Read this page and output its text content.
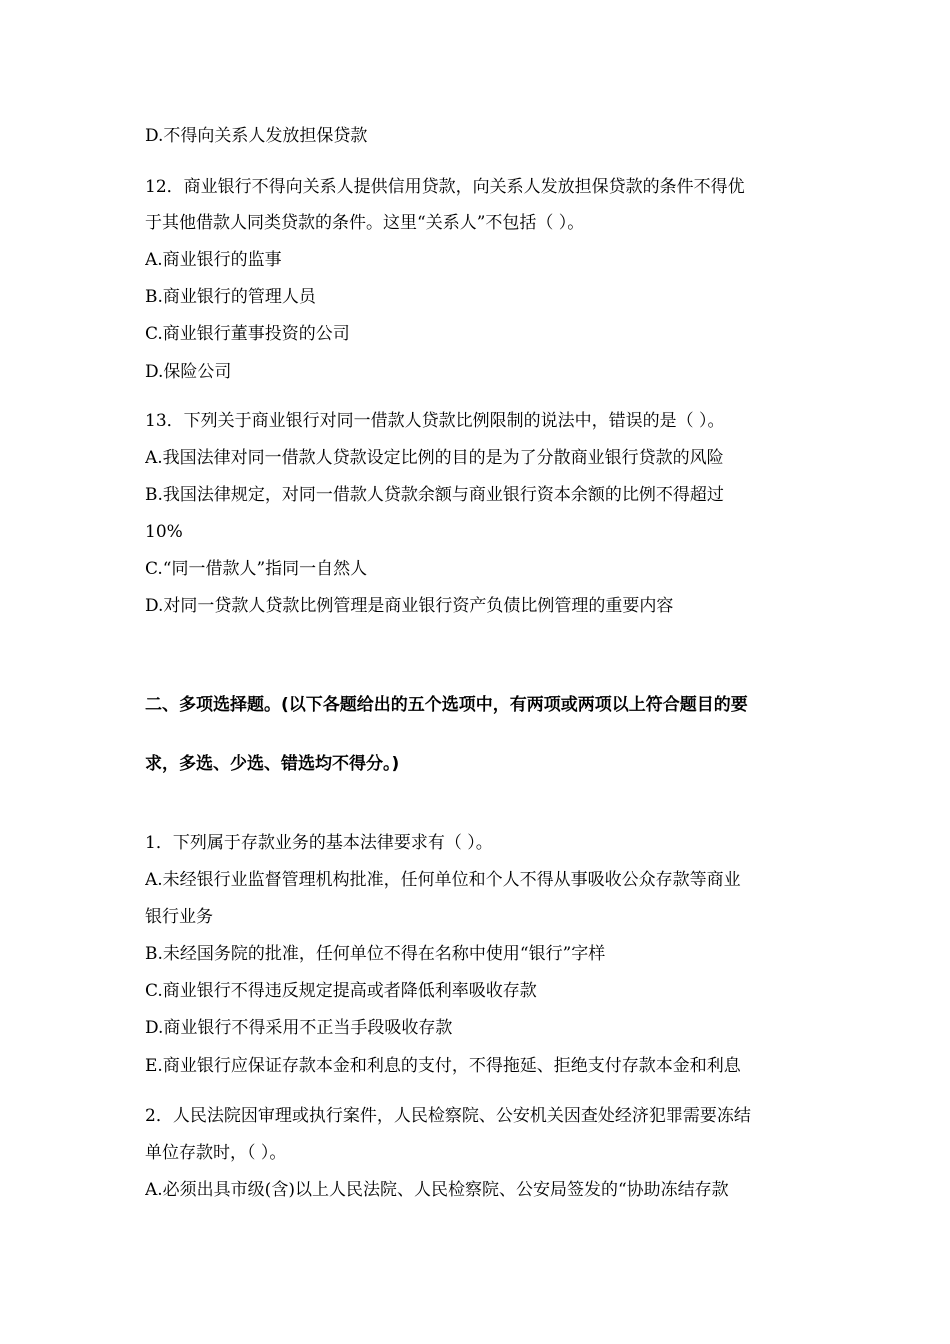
D.不得向关系人发放担保贷款
12．商业银行不得向关系人提供信用贷款，向关系人发放担保贷款的条件不得优
于其他借款人同类贷款的条件。这里“关系人”不包括（ ）。
A.商业银行的监事
B.商业银行的管理人员
C.商业银行董事投资的公司
D.保险公司
13．下列关于商业银行对同一借款人贷款比例限制的说法中，错误的是（ ）。
A.我国法律对同一借款人贷款设定比例的目的是为了分散商业银行贷款的风险
B.我国法律规定，对同一借款人贷款余额与商业银行资本余额的比例不得超过
10%
C.“同一借款人”指同一自然人
D.对同一贷款人贷款比例管理是商业银行资产负债比例管理的重要内容
二、多项选择题。(以下各题给出的五个选项中，有两项或两项以上符合题目的要
求，多选、少选、错选均不得分。)
1．下列属于存款业务的基本法律要求有（ ）。
A.未经银行业监督管理机构批准，任何单位和个人不得从事吸收公众存款等商业
银行业务
B.未经国务院的批准，任何单位不得在名称中使用“银行”字样
C.商业银行不得违反规定提高或者降低利率吸收存款
D.商业银行不得采用不正当手段吸收存款
E.商业银行应保证存款本金和利息的支付，不得拖延、拒绝支付存款本金和利息
2．人民法院因审理或执行案件，人民检察院、公安机关因查处经济犯罪需要冻结
单位存款时，（ ）。
A.必须出具市级(含)以上人民法院、人民检察院、公安局签发的“协助冻结存款
